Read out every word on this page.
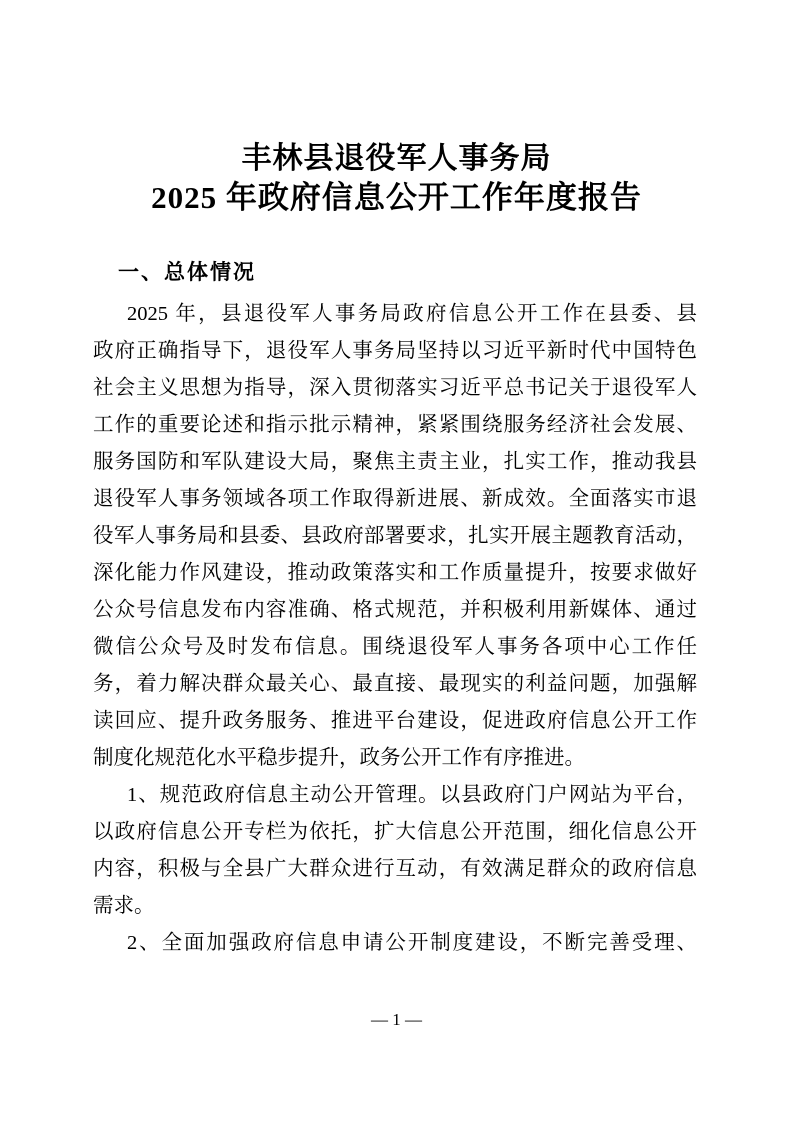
丰林县退役军人事务局
2025 年政府信息公开工作年度报告
一、总体情况
2025 年，县退役军人事务局政府信息公开工作在县委、县
政府正确指导下，退役军人事务局坚持以习近平新时代中国特色
社会主义思想为指导，深入贯彻落实习近平总书记关于退役军人
工作的重要论述和指示批示精神，紧紧围绕服务经济社会发展、
服务国防和军队建设大局，聚焦主责主业，扎实工作，推动我县
退役军人事务领域各项工作取得新进展、新成效。全面落实市退
役军人事务局和县委、县政府部署要求，扎实开展主题教育活动，
深化能力作风建设，推动政策落实和工作质量提升，按要求做好
公众号信息发布内容准确、格式规范，并积极利用新媒体、通过
微信公众号及时发布信息。围绕退役军人事务各项中心工作任
务，着力解决群众最关心、最直接、最现实的利益问题，加强解
读回应、提升政务服务、推进平台建设，促进政府信息公开工作
制度化规范化水平稳步提升，政务公开工作有序推进。
1、规范政府信息主动公开管理。以县政府门户网站为平台，
以政府信息公开专栏为依托，扩大信息公开范围，细化信息公开
内容，积极与全县广大群众进行互动，有效满足群众的政府信息
需求。
2、全面加强政府信息申请公开制度建设，不断完善受理、
— 1 —
